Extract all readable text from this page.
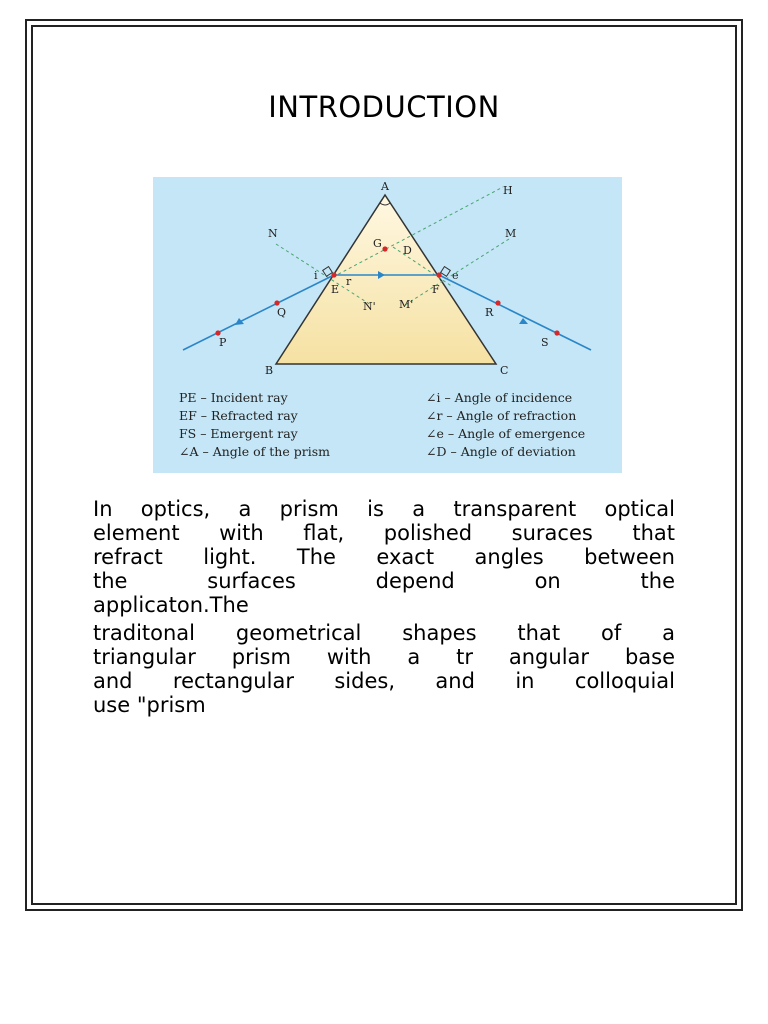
INTRODUCTION
A
B	C
H
N	M
G
D
i	r	e
E	F
N' M'
Q	R
P	S
PE – Incident ray
EF – Refracted ray
FS – Emergent ray
∠A – Angle of the prism
∠i – Angle of incidence
∠r – Angle of refraction
∠e – Angle of emergence
∠D – Angle of deviation
In optics, a prism is a transparent optical
element with flat, polished suraces that
refract light. The exact angles between
the surfaces depend on the
applicaton.The
traditonal geometrical shapes that of a
triangular prism with a tr angular base
and rectangular sides, and in colloquial
use "prism
